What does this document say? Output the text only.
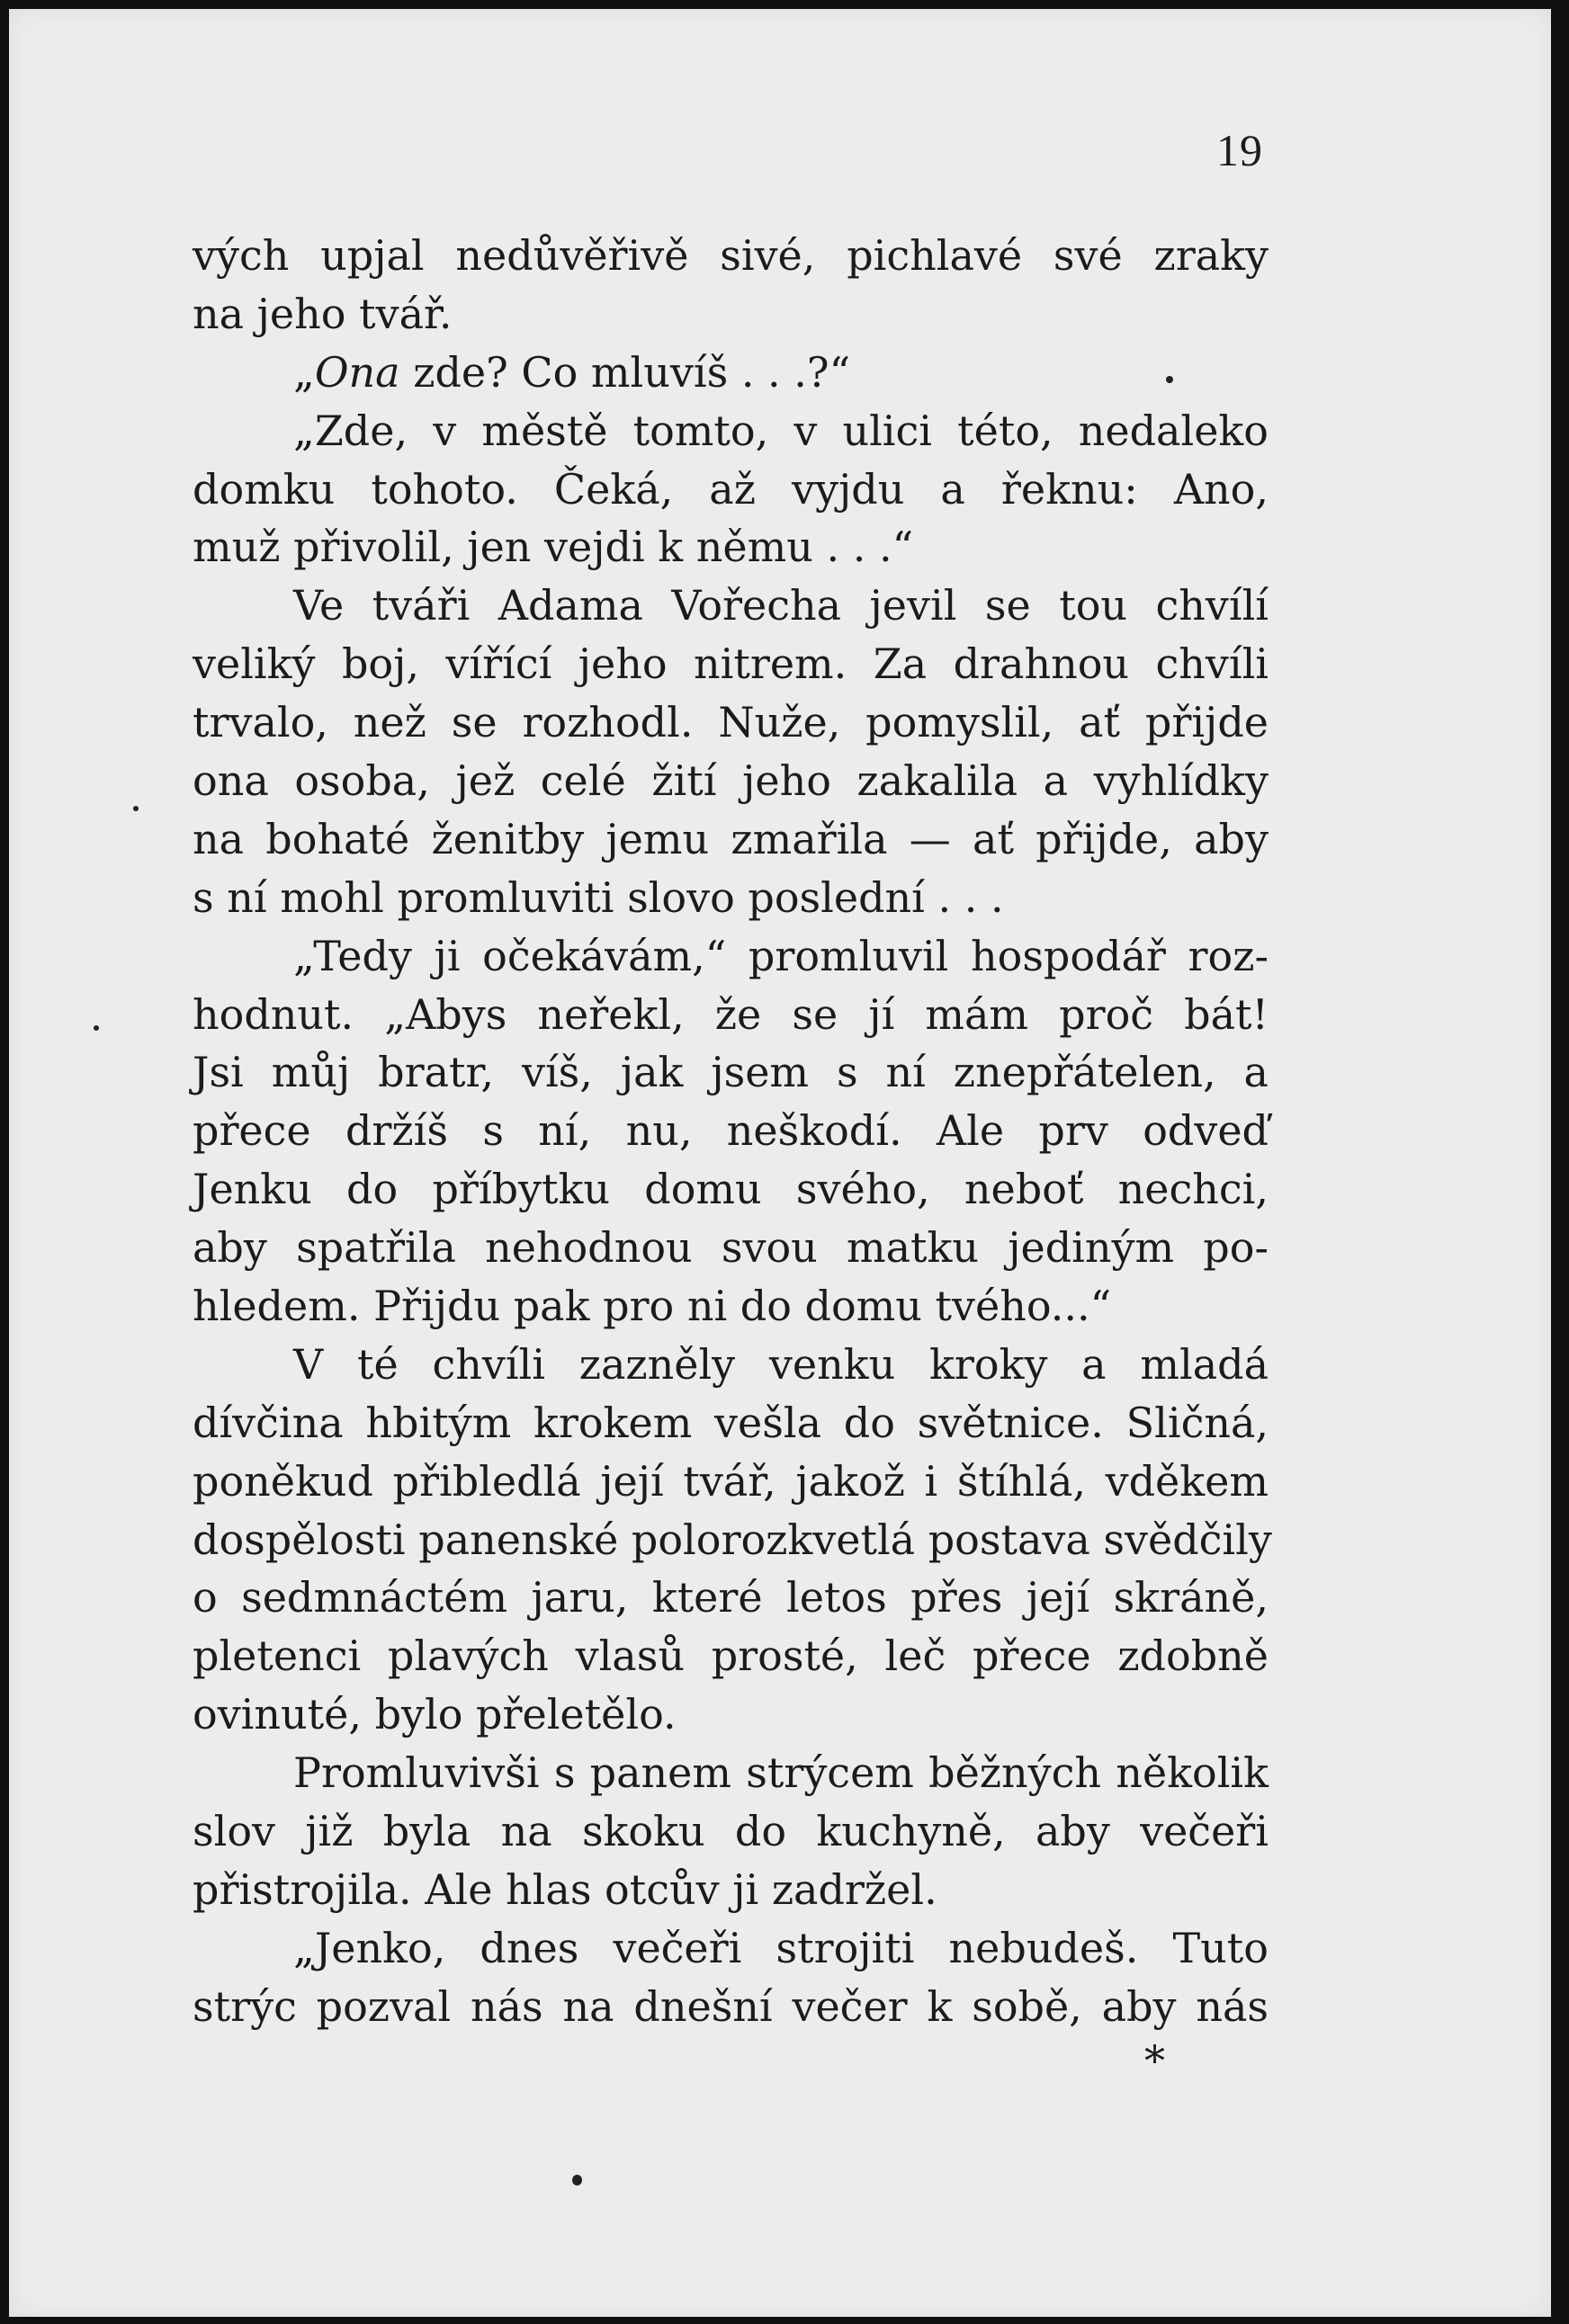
19
vých upjal nedůvěřivě sivé, pichlavé své zraky
na jeho tvář.
„Ona zde? Co mluvíš . . .?“
„Zde, v městě tomto, v ulici této, nedaleko
domku tohoto. Čeká, až vyjdu a řeknu: Ano,
muž přivolil, jen vejdi k němu . . .“
Ve tváři Adama Vořecha jevil se tou chvílí
veliký boj, vířící jeho nitrem. Za drahnou chvíli
trvalo, než se rozhodl. Nuže, pomyslil, ať přijde
ona osoba, jež celé žití jeho zakalila a vyhlídky
na bohaté ženitby jemu zmařila — ať přijde, aby
s ní mohl promluviti slovo poslední . . .
„Tedy ji očekávám,“ promluvil hospodář roz-
hodnut. „Abys neřekl, že se jí mám proč bát!
Jsi můj bratr, víš, jak jsem s ní znepřátelen, a
přece držíš s ní, nu, neškodí. Ale prv odveď
Jenku do příbytku domu svého, neboť nechci,
aby spatřila nehodnou svou matku jediným po-
hledem. Přijdu pak pro ni do domu tvého...“
V té chvíli zazněly venku kroky a mladá
dívčina hbitým krokem vešla do světnice. Sličná,
poněkud přibledlá její tvář, jakož i štíhlá, vděkem
dospělosti panenské polorozkvetlá postava svědčily
o sedmnáctém jaru, které letos přes její skráně,
pletenci plavých vlasů prosté, leč přece zdobně
ovinuté, bylo přeletělo.
Promluvivši s panem strýcem běžných několik
slov již byla na skoku do kuchyně, aby večeři
přistrojila. Ale hlas otcův ji zadržel.
„Jenko, dnes večeři strojiti nebudeš. Tuto
strýc pozval nás na dnešní večer k sobě, aby nás
*
